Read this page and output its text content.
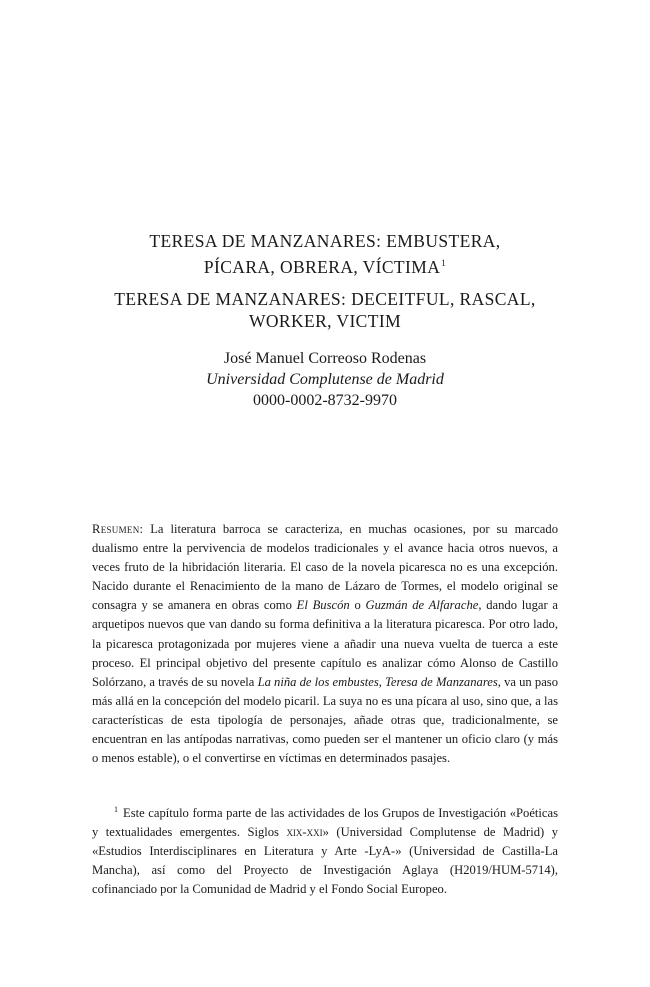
TERESA DE MANZANARES: EMBUSTERA,
PÍCARA, OBRERA, VÍCTIMA$^1$
TERESA DE MANZANARES: DECEITFUL, RASCAL,
WORKER, VICTIM
José Manuel Correoso Rodenas
Universidad Complutense de Madrid
0000-0002-8732-9970
Resumen: La literatura barroca se caracteriza, en muchas ocasiones, por su marcado dualismo entre la pervivencia de modelos tradicionales y el avance hacia otros nuevos, a veces fruto de la hibridación literaria. El caso de la novela picaresca no es una excepción. Nacido durante el Renacimiento de la mano de Lázaro de Tormes, el modelo original se consagra y se amanera en obras como El Buscón o Guzmán de Alfarache, dando lugar a arquetipos nuevos que van dando su forma definitiva a la literatura picaresca. Por otro lado, la picaresca protagonizada por mujeres viene a añadir una nueva vuelta de tuerca a este proceso. El principal objetivo del presente capítulo es analizar cómo Alonso de Castillo Solórzano, a través de su novela La niña de los embustes, Teresa de Manzanares, va un paso más allá en la concepción del modelo picaril. La suya no es una pícara al uso, sino que, a las características de esta tipología de personajes, añade otras que, tradicionalmente, se encuentran en las antípodas narrativas, como pueden ser el mantener un oficio claro (y más o menos estable), o el convertirse en víctimas en determinados pasajes.
$^1$ Este capítulo forma parte de las actividades de los Grupos de Investigación «Poéticas y textualidades emergentes. Siglos xix-xxi» (Universidad Complutense de Madrid) y «Estudios Interdisciplinares en Literatura y Arte -LyA-» (Universidad de Castilla-La Mancha), así como del Proyecto de Investigación Aglaya (H2019/HUM-5714), cofinanciado por la Comunidad de Madrid y el Fondo Social Europeo.
